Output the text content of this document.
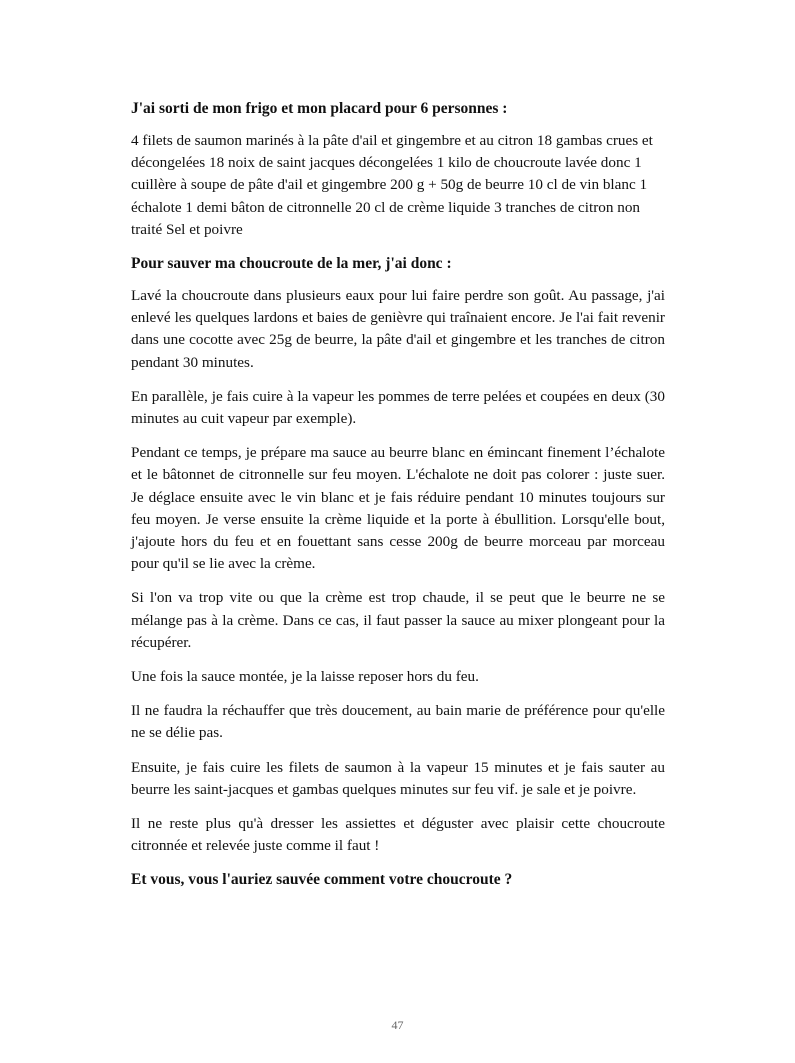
J'ai sorti de mon frigo et mon placard pour 6 personnes :

4 filets de saumon marinés à la pâte d'ail et gingembre et au citron 18 gambas crues et décongelées 18 noix de saint jacques décongelées 1 kilo de choucroute lavée donc 1 cuillère à soupe de pâte d'ail et gingembre 200 g + 50g de beurre 10 cl de vin blanc 1 échalote 1 demi bâton de citronnelle 20 cl de crème liquide 3 tranches de citron non traité Sel et poivre

Pour sauver ma choucroute de la mer, j'ai donc :

Lavé la choucroute dans plusieurs eaux pour lui faire perdre son goût. Au passage, j'ai enlevé les quelques lardons et baies de genièvre qui traînaient encore. Je l'ai fait revenir dans une cocotte avec 25g de beurre, la pâte d'ail et gingembre et les tranches de citron pendant 30 minutes.

En parallèle, je fais cuire à la vapeur les pommes de terre pelées et coupées en deux (30 minutes au cuit vapeur par exemple).

Pendant ce temps, je prépare ma sauce au beurre blanc en émincant finement l’échalote et le bâtonnet de citronnelle sur feu moyen. L'échalote ne doit pas colorer : juste suer. Je déglace ensuite avec le vin blanc et je fais réduire pendant 10 minutes toujours sur feu moyen. Je verse ensuite la crème liquide et la porte à ébullition. Lorsqu'elle bout, j'ajoute hors du feu et en fouettant sans cesse 200g de beurre morceau par morceau pour qu'il se lie avec la crème.

Si l'on va trop vite ou que la crème est trop chaude, il se peut que le beurre ne se mélange pas à la crème. Dans ce cas, il faut passer la sauce au mixer plongeant pour la récupérer.

Une fois la sauce montée, je la laisse reposer hors du feu.

Il ne faudra la réchauffer que très doucement, au bain marie de préférence pour qu'elle ne se délie pas.

Ensuite, je fais cuire les filets de saumon à la vapeur 15 minutes et je fais sauter au beurre les saint-jacques et gambas quelques minutes sur feu vif. je sale et je poivre.

Il ne reste plus qu'à dresser les assiettes et déguster avec plaisir cette choucroute citronnée et relevée juste comme il faut !

Et vous, vous l'auriez sauvée comment votre choucroute ?

47
